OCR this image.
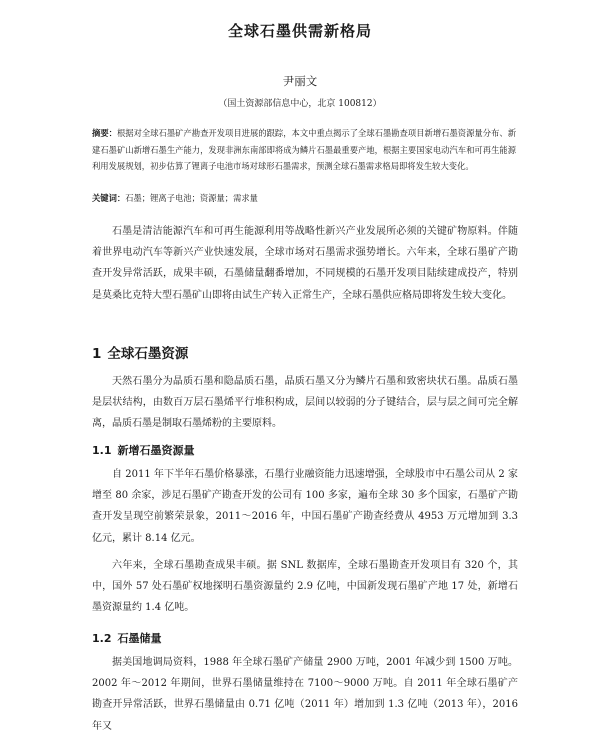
全球石墨供需新格局
尹丽文
（国土资源部信息中心，北京 100812）
摘要：根据对全球石墨矿产勘查开发项目进展的跟踪，本文中重点揭示了全球石墨勘查项目新增石墨资源量分布、新建石墨矿山新增石墨生产能力，发现非洲东南部即将成为鳞片石墨最重要产地，根据主要国家电动汽车和可再生能源利用发展规划，初步估算了锂离子电池市场对球形石墨需求，预测全球石墨需求格局即将发生较大变化。
关键词：石墨；锂离子电池；资源量；需求量

石墨是清洁能源汽车和可再生能源利用等战略性新兴产业发展所必须的关键矿物原料。伴随着世界电动汽车等新兴产业快速发展，全球市场对石墨需求强势增长。六年来，全球石墨矿产勘查开发异常活跃，成果丰硕，石墨储量翻番增加，不同规模的石墨开发项目陆续建成投产，特别是莫桑比克特大型石墨矿山即将由试生产转入正常生产，全球石墨供应格局即将发生较大变化。

1 全球石墨资源

天然石墨分为晶质石墨和隐晶质石墨，晶质石墨又分为鳞片石墨和致密块状石墨。晶质石墨是层状结构，由数百万层石墨烯平行堆积构成，层间以较弱的分子键结合，层与层之间可完全解离，晶质石墨是制取石墨烯粉的主要原料。

1.1 新增石墨资源量

自 2011 年下半年石墨价格暴涨，石墨行业融资能力迅速增强，全球股市中石墨公司从 2 家增至 80 余家，涉足石墨矿产勘查开发的公司有 100 多家，遍布全球 30 多个国家，石墨矿产勘查开发呈现空前繁荣景象，2011～2016 年，中国石墨矿产勘查经费从 4953 万元增加到 3.3 亿元，累计 8.14 亿元。

六年来，全球石墨勘查成果丰硕。据 SNL 数据库，全球石墨勘查开发项目有 320 个，其中，国外 57 处石墨矿权地探明石墨资源量约 2.9 亿吨，中国新发现石墨矿产地 17 处，新增石墨资源量约 1.4 亿吨。

1.2 石墨储量

据美国地调局资料，1988 年全球石墨矿产储量 2900 万吨，2001 年减少到 1500 万吨。2002 年～2012 年期间，世界石墨储量维持在 7100～9000 万吨。自 2011 年全球石墨矿产勘查开异常活跃，世界石墨储量由 0.71 亿吨（2011 年）增加到 1.3 亿吨（2013 年），2016 年又
